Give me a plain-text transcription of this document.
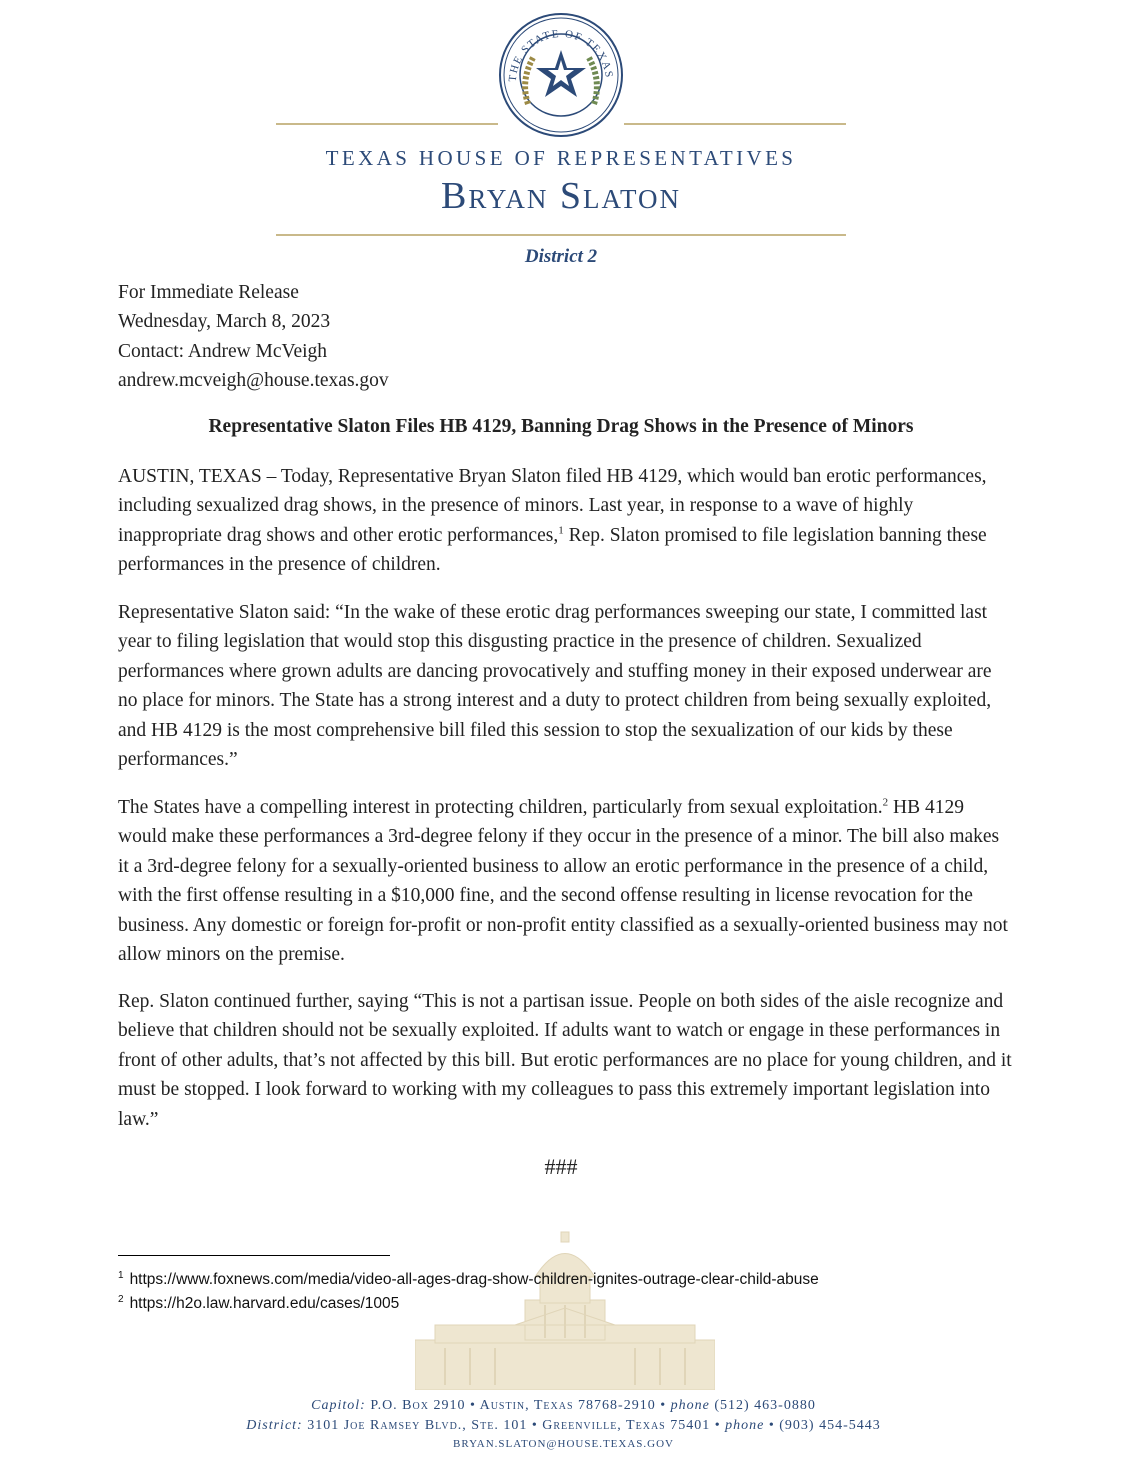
THE STATE OF TEXAS
TEXAS HOUSE OF REPRESENTATIVES
Bryan Slaton
District 2
For Immediate Release
Wednesday, March 8, 2023
Contact: Andrew McVeigh
andrew.mcveigh@house.texas.gov
Representative Slaton Files HB 4129, Banning Drag Shows in the Presence of Minors

AUSTIN, TEXAS – Today, Representative Bryan Slaton filed HB 4129, which would ban erotic performances, including sexualized drag shows, in the presence of minors. Last year, in response to a wave of highly inappropriate drag shows and other erotic performances,$^1$ Rep. Slaton promised to file legislation banning these performances in the presence of children.

Representative Slaton said: “In the wake of these erotic drag performances sweeping our state, I committed last year to filing legislation that would stop this disgusting practice in the presence of children. Sexualized performances where grown adults are dancing provocatively and stuffing money in their exposed underwear are no place for minors. The State has a strong interest and a duty to protect children from being sexually exploited, and HB 4129 is the most comprehensive bill filed this session to stop the sexualization of our kids by these performances.”

The States have a compelling interest in protecting children, particularly from sexual exploitation.$^2$ HB 4129 would make these performances a 3rd-degree felony if they occur in the presence of a minor. The bill also makes it a 3rd-degree felony for a sexually-oriented business to allow an erotic performance in the presence of a child, with the first offense resulting in a $10,000 fine, and the second offense resulting in license revocation for the business. Any domestic or foreign for-profit or non-profit entity classified as a sexually-oriented business may not allow minors on the premise.

Rep. Slaton continued further, saying “This is not a partisan issue. People on both sides of the aisle recognize and believe that children should not be sexually exploited. If adults want to watch or engage in these performances in front of other adults, that’s not affected by this bill. But erotic performances are no place for young children, and it must be stopped. I look forward to working with my colleagues to pass this extremely important legislation into law.”

###
$^1$ https://www.foxnews.com/media/video-all-ages-drag-show-children-ignites-outrage-clear-child-abuse
$^2$ https://h2o.law.harvard.edu/cases/1005
Capitol: P.O. Box 2910 • Austin, Texas 78768-2910 • phone (512) 463-0880
District: 3101 Joe Ramsey Blvd., Ste. 101 • Greenville, Texas 75401 • phone • (903) 454-5443
BRYAN.SLATON@HOUSE.TEXAS.GOV
